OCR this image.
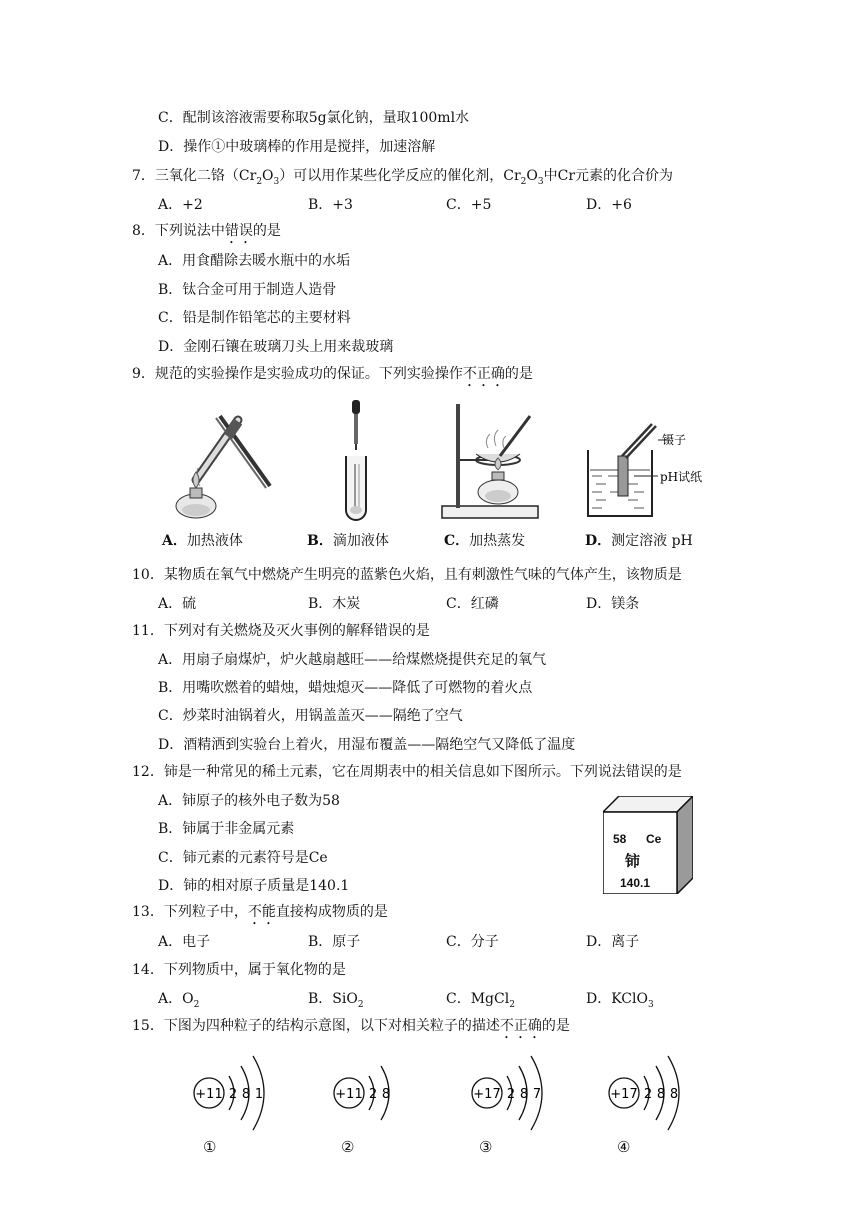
C．配制该溶液需要称取5g氯化钠，量取100ml水
D．操作①中玻璃棒的作用是搅拌，加速溶解
7．三氧化二铬$(Cr_2O_3)$可以用作某些化学反应的催化剂，$Cr_2O_3$中Cr元素的化合价为
A．+2	B．+3	C．+5	D．+6
8．下列说法中错误的是
A．用食醋除去暖水瓶中的水垢
B．钛合金可用于制造人造骨
C．铅是制作铅笔芯的主要材料
D．金刚石镶在玻璃刀头上用来裁玻璃
9．规范的实验操作是实验成功的保证。下列实验操作不正确的是
镊子
pH试纸
A．加热液体	B．滴加液体	C．加热蒸发	D．测定溶液 pH
10．某物质在氧气中燃烧产生明亮的蓝紫色火焰，且有刺激性气味的气体产生，该物质是
A．硫	B．木炭	C．红磷	D．镁条
11．下列对有关燃烧及灭火事例的解释错误的是
A．用扇子扇煤炉，炉火越扇越旺——给煤燃烧提供充足的氧气
B．用嘴吹燃着的蜡烛，蜡烛熄灭——降低了可燃物的着火点
C．炒菜时油锅着火，用锅盖盖灭——隔绝了空气
D．酒精洒到实验台上着火，用湿布覆盖——隔绝空气又降低了温度
12．铈是一种常见的稀土元素，它在周期表中的相关信息如下图所示。下列说法错误的是
A．铈原子的核外电子数为58
B．铈属于非金属元素
C．铈元素的元素符号是Ce
D．铈的相对原子质量是140.1
58 Ce
铈
140.1
13．下列粒子中，不能直接构成物质的是
A．电子	B．原子	C．分子	D．离子
14．下列物质中，属于氧化物的是
A．$O_2$	B．SiO$_2$	C．MgCl$_2$	D．KClO$_3$
15．下图为四种粒子的结构示意图，以下对相关粒子的描述不正确的是
+11 2 8 1	+11 2 8	+17 2 8 7	+17 2 8 8
①	②	③	④
